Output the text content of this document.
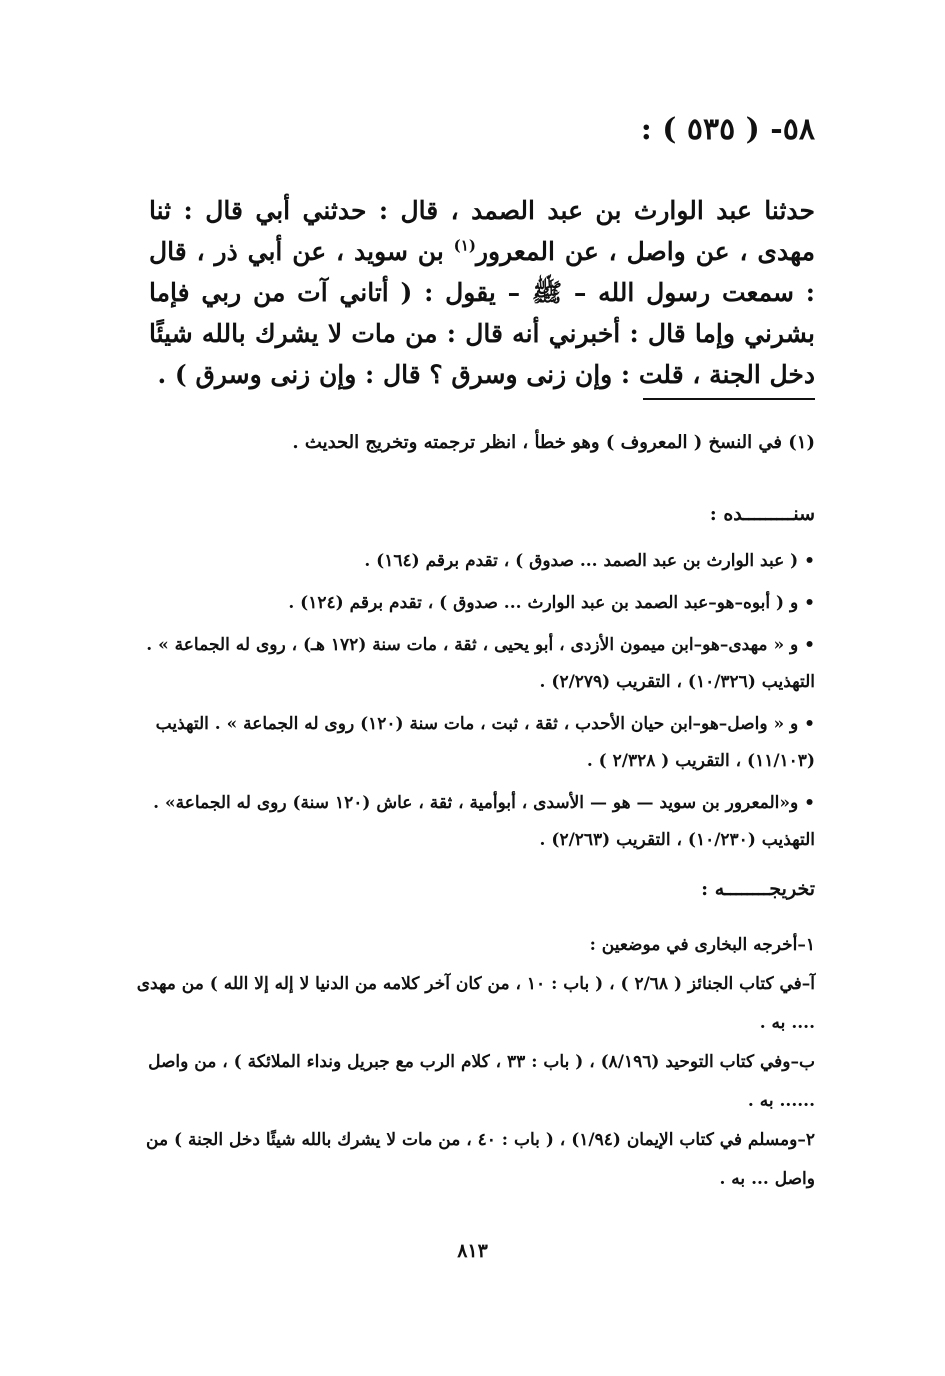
٥٨- ( ٥٣٥ ) :
حدثنا عبد الوارث بن عبد الصمد ، قال : حدثني أبي قال : ثنا مهدى ، عن واصل ، عن المعرور$^{(١)}$ بن سويد ، عن أبي ذر ، قال : سمعت رسول الله – ﷺ – يقول : ( أتاني آت من ربي فإما بشرني وإما قال : أخبرني أنه قال : من مات لا يشرك بالله شيئًا دخل الجنة ، قلت : وإن زنى وسرق ؟ قال : وإن زنى وسرق ) .
(١) في النسخ ( المعروف ) وهو خطأ ، انظر ترجمته وتخريج الحديث .
سنـــــــــده :

• ( عبد الوارث بن عبد الصمد ... صدوق ) ، تقدم برقم (١٦٤) .

• و ( أبوه–هو–عبد الصمد بن عبد الوارث ... صدوق ) ، تقدم برقم (١٢٤) .

• و « مهدى–هو–ابن ميمون الأزدى ، أبو يحيى ، ثقة ، مات سنة (١٧٢ هـ) ، روى له الجماعة » . التهذيب (١٠/٣٢٦) ، التقريب (٢/٢٧٩) .

• و « واصل–هو–ابن حيان الأحدب ، ثقة ، ثبت ، مات سنة (١٢٠) روى له الجماعة » . التهذيب (١١/١٠٣) ، التقريب ( ٢/٣٢٨ ) .

• و«المعرور بن سويد — هو — الأسدى ، أبوأمية ، ثقة ، عاش (١٢٠ سنة) روى له الجماعة» . التهذيب (١٠/٢٣٠) ، التقريب (٢/٢٦٣) .

تخريجــــــــه :

١–أخرجه البخارى في موضعين :

آ–في كتاب الجنائز ( ٢/٦٨ ) ، ( باب : ١٠ ، من كان آخر كلامه من الدنيا لا إله إلا الله ) من مهدى .... به .

ب–وفي كتاب التوحيد (٨/١٩٦) ، ( باب : ٣٣ ، كلام الرب مع جبريل ونداء الملائكة ) ، من واصل ...... به .

٢–ومسلم في كتاب الإيمان (١/٩٤) ، ( باب : ٤٠ ، من مات لا يشرك بالله شيئًا دخل الجنة ) من واصل ... به .

٨١٣
